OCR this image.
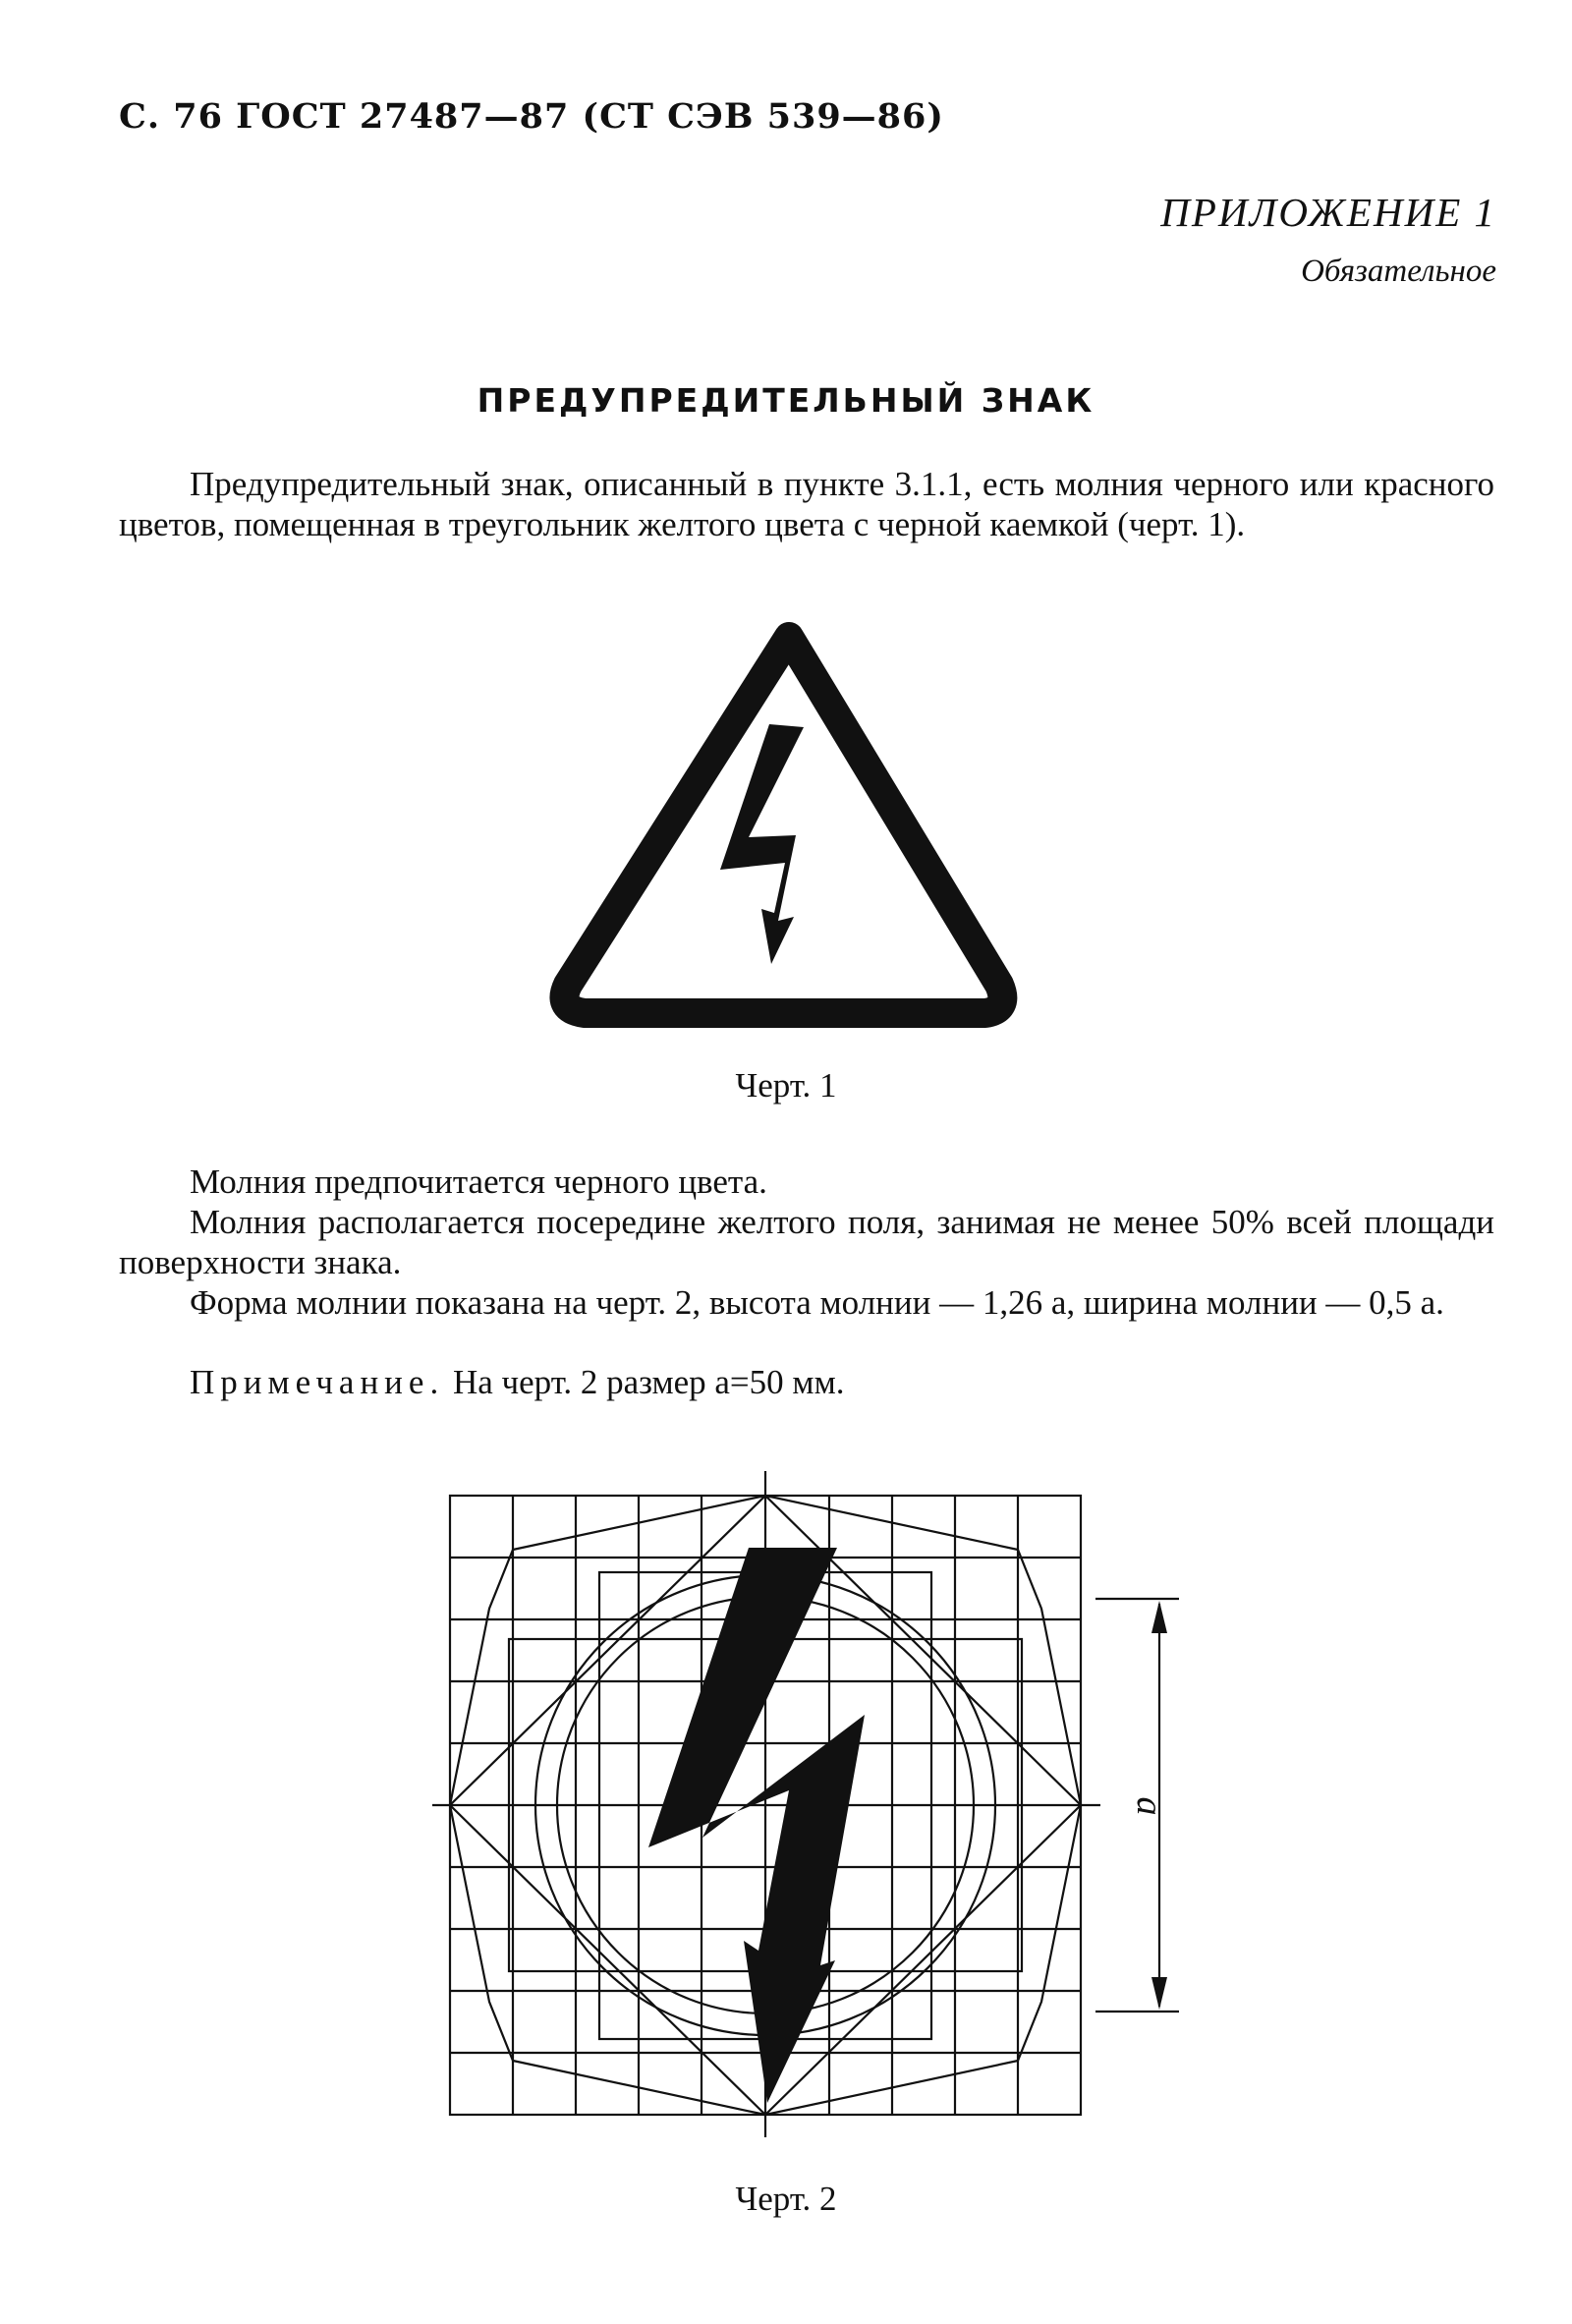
С. 76 ГОСТ 27487—87 (СТ СЭВ 539—86)
ПРИЛОЖЕНИЕ 1
Обязательное
ПРЕДУПРЕДИТЕЛЬНЫЙ ЗНАК
Предупредительный знак, описанный в пункте 3.1.1, есть молния черного или красного цветов, помещенная в треугольник желтого цвета с черной каемкой (черт. 1).
Черт. 1
Молния предпочитается черного цвета.
Молния располагается посередине желтого поля, занимая не менее 50% всей площади поверхности знака.
Форма молнии показана на черт. 2, высота молнии — 1,26 a, ширина молнии — 0,5 a.
Примечание. На черт. 2 размер a=50 мм.
a
Черт. 2
